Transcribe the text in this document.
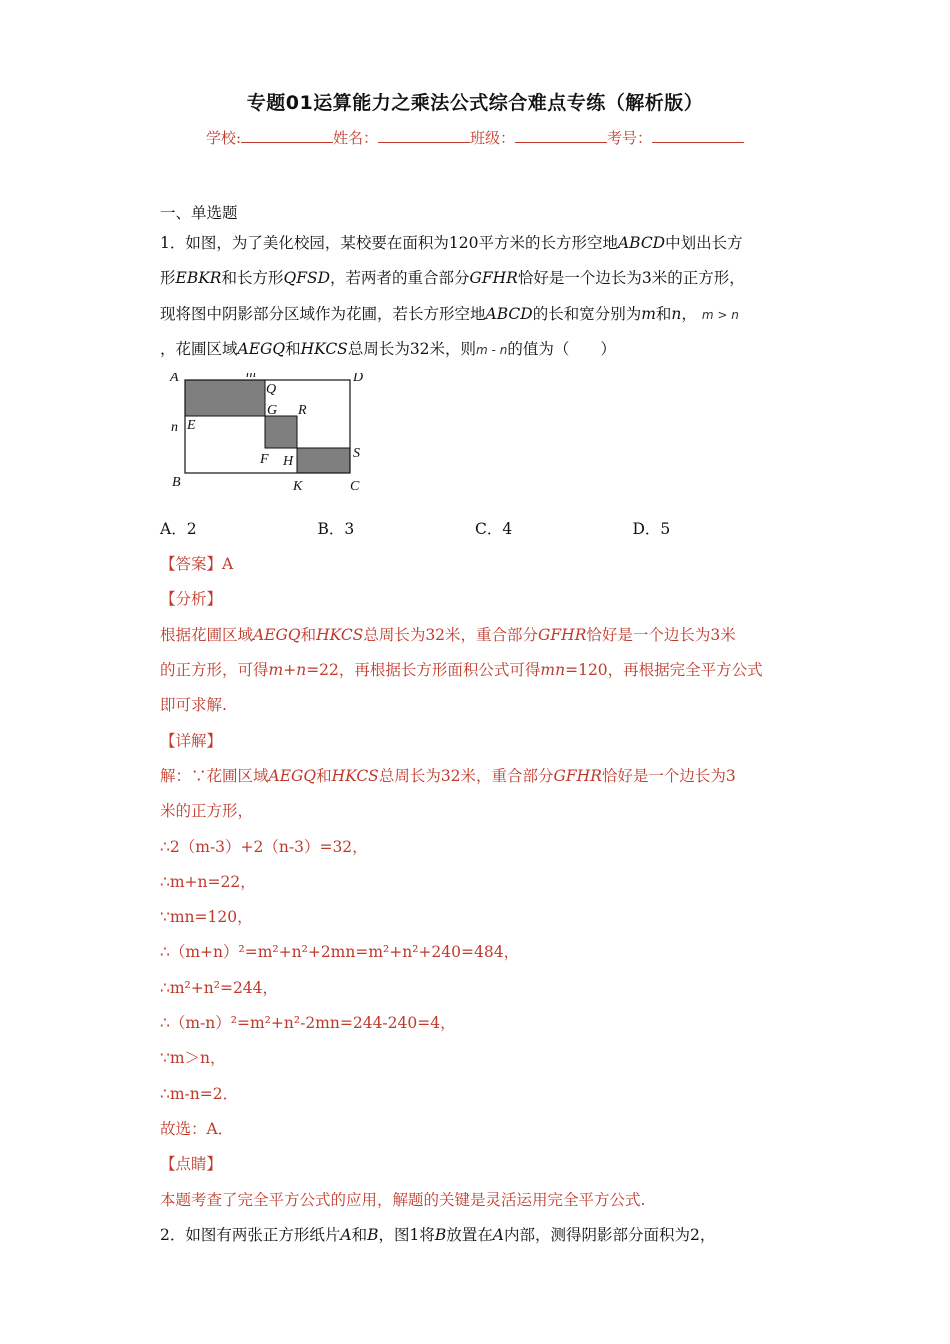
专题01运算能力之乘法公式综合难点专练（解析版）
学校:	姓名：	班级：	考号：
一、单选题
1．如图，为了美化校园，某校要在面积为120平方米的长方形空地ABCD中划出长方
形EBKR和长方形QFSD，若两者的重合部分GFHR恰好是一个边长为3米的正方形，
现将图中阴影部分区域作为花圃，若长方形空地ABCD的长和宽分别为m和n， m > n
，花圃区域AEGQ和HKCS总周长为32米，则m - n的值为（　　）
A	m	D
Q
n E
G R
F H
S
B	K	C
A．2	B．3	C．4	D．5
【答案】A
【分析】
根据花圃区域AEGQ和HKCS总周长为32米，重合部分GFHR恰好是一个边长为3米
的正方形，可得m+n=22，再根据长方形面积公式可得mn=120，再根据完全平方公式
即可求解.
【详解】
解：∵花圃区域AEGQ和HKCS总周长为32米，重合部分GFHR恰好是一个边长为3
米的正方形，
∴2（m-3）+2（n-3）=32，
∴m+n=22，
∵mn=120，
∴（m+n）²=m²+n²+2mn=m²+n²+240=484，
∴m²+n²=244，
∴（m-n）²=m²+n²-2mn=244-240=4，
∵m＞n，
∴m-n=2．
故选：A．
【点睛】
本题考查了完全平方公式的应用，解题的关键是灵活运用完全平方公式.
2．如图有两张正方形纸片A和B，图1将B放置在A内部，测得阴影部分面积为2，
